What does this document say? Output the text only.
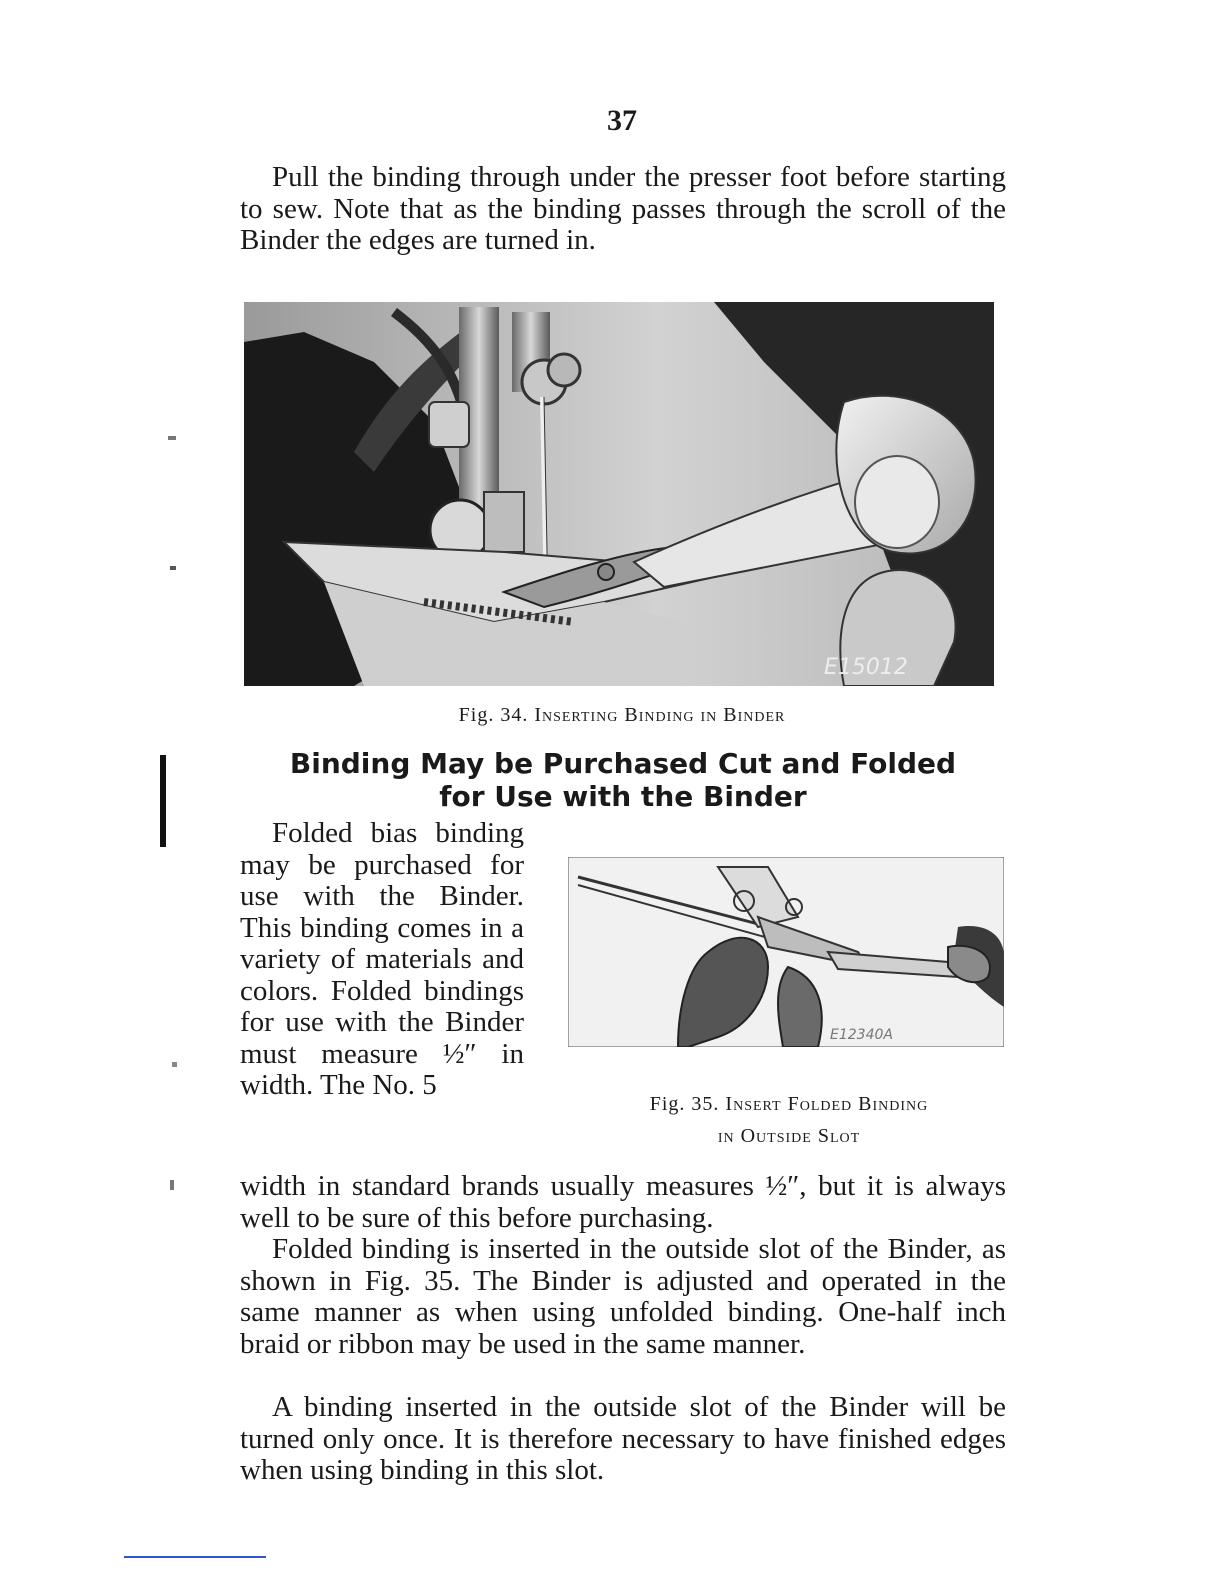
37

Pull the binding through under the presser foot before starting to sew. Note that as the binding passes through the scroll of the Binder the edges are turned in.

E15012
Fig. 34. Inserting Binding in Binder
Binding May be Purchased Cut and Folded
for Use with the Binder

Folded bias binding may be purchased for use with the Binder. This binding comes in a variety of materials and colors. Folded bindings for use with the Binder must measure ½″ in width. The No. 5

E12340A
Fig. 35. Insert Folded Binding
in Outside Slot

width in standard brands usually measures ½″, but it is always well to be sure of this before purchasing.

Folded binding is inserted in the outside slot of the Binder, as shown in Fig. 35. The Binder is adjusted and operated in the same manner as when using unfolded binding. One-half inch braid or ribbon may be used in the same manner.

A binding inserted in the outside slot of the Binder will be turned only once. It is therefore necessary to have finished edges when using binding in this slot.
